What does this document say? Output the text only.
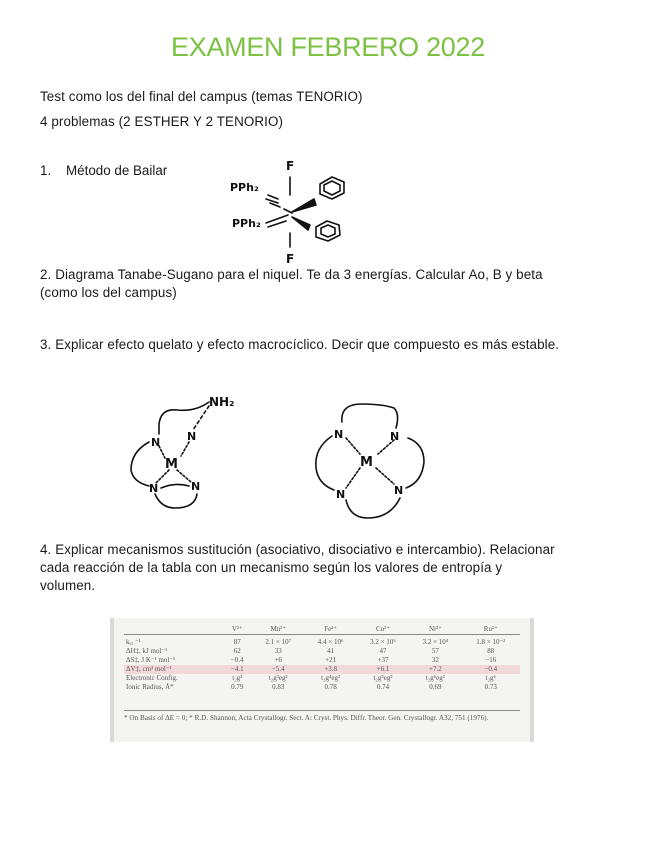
EXAMEN FEBRERO 2022
Test como los del final del campus (temas TENORIO)
4 problemas (2 ESTHER Y 2 TENORIO)
1. Método de Bailar	F
PPh₂
PPh₂
F
2. Diagrama Tanabe-Sugano para el niquel. Te da 3 energías. Calcular Ao, B y beta (como los del campus)
3. Explicar efecto quelato y efecto macrocíclico. Decir que compuesto es más estable.
NH₂
N N
M
N	N
N	N
M
N	N
4. Explicar mecanismos sustitución (asociativo, disociativo e intercambio). Relacionar cada reacción de la tabla con un mecanismo según los valores de entropía y volumen.
	V²⁺	Mn²⁺	Fe²⁺	Co²⁺	Ni²⁺	Ru²⁺
kₑₓ ⁻¹	87	2.1 × 10⁷	4.4 × 10⁶	3.2 × 10⁶	3.2 × 10⁴	1.8 × 10⁻²
ΔH‡, kJ mol⁻¹	62	33	41	47	57	88
ΔS‡, J K⁻¹ mol⁻¹	−0.4	+6	+21	+37	32	−16
ΔV‡, cm³ mol⁻¹	−4.1	−5.4	+3.8	+6.1	+7.2	−0.4
Electronic Config.	t₂g³	t₂g³eg²	t₂g⁴eg²	t₂g⁵eg²	t₂g⁶eg²	t₂g⁶
Ionic Radius, Å*	0.79	0.83	0.78	0.74	0.69	0.73
* On Basis of ΔE = 0; * R.D. Shannon, Acta Crystallogr. Sect. A: Cryst. Phys. Diffr. Theor. Gen. Crystallogr. A32, 751 (1976).
